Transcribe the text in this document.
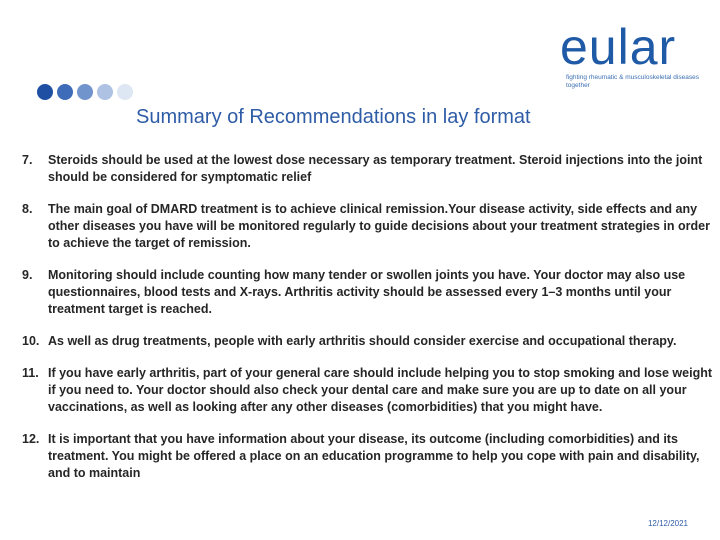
eular
fighting rheumatic & musculoskeletal diseases together
Summary of Recommendations in lay format
7.	Steroids should be used at the lowest dose necessary as temporary treatment. Steroid injections into the joint should be considered for symptomatic relief
8.	The main goal of DMARD treatment is to achieve clinical remission.Your disease activity, side effects and any other diseases you have will be monitored regularly to guide decisions about your treatment strategies in order to achieve the target of remission.
9.	Monitoring should include counting how many tender or swollen joints you have. Your doctor may also use questionnaires, blood tests and X-rays. Arthritis activity should be assessed every 1–3 months until your treatment target is reached.
10. As well as drug treatments, people with early arthritis should consider exercise and occupational therapy.
11. If you have early arthritis, part of your general care should include helping you to stop smoking and lose weight if you need to. Your doctor should also check your dental care and make sure you are up to date on all your vaccinations, as well as looking after any other diseases (comorbidities) that you might have.
12. It is important that you have information about your disease, its outcome (including comorbidities) and its treatment. You might be offered a place on an education programme to help you cope with pain and disability, and to maintain
12/12/2021
